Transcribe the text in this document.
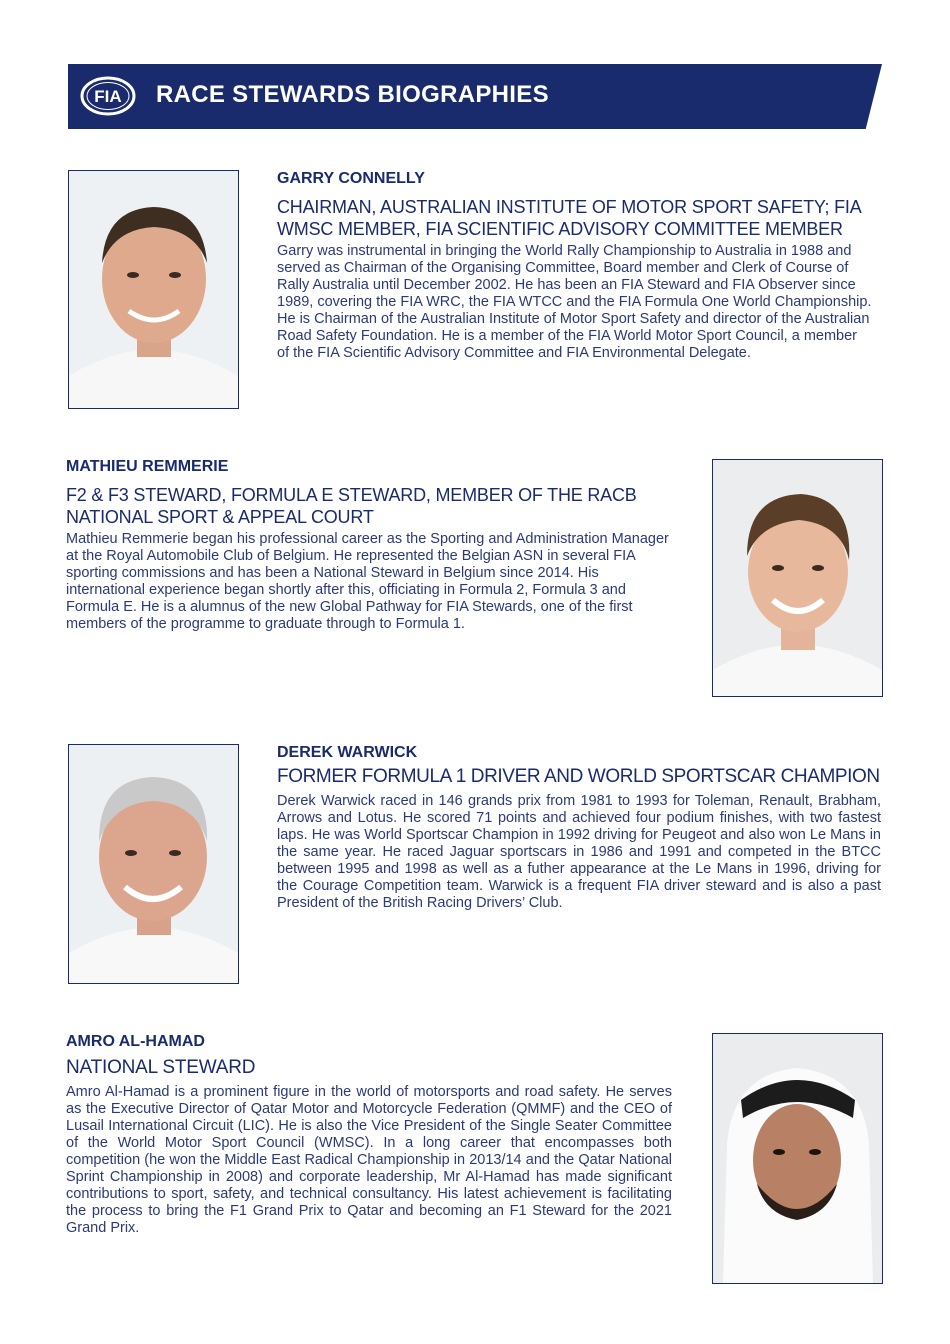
FIA RACE STEWARDS BIOGRAPHIES

GARRY CONNELLY

CHAIRMAN, AUSTRALIAN INSTITUTE OF MOTOR SPORT SAFETY; FIA WMSC MEMBER, FIA SCIENTIFIC ADVISORY COMMITTEE MEMBER

Garry was instrumental in bringing the World Rally Championship to Australia in 1988 and served as Chairman of the Organising Committee, Board member and Clerk of Course of Rally Australia until December 2002. He has been an FIA Steward and FIA Observer since 1989, covering the FIA WRC, the FIA WTCC and the FIA Formula One World Championship. He is Chairman of the Australian Institute of Motor Sport Safety and director of the Australian Road Safety Foundation. He is a member of the FIA World Motor Sport Council, a member of the FIA Scientific Advisory Committee and FIA Environmental Delegate.

MATHIEU REMMERIE

F2 & F3 STEWARD, FORMULA E STEWARD, MEMBER OF THE RACB NATIONAL SPORT & APPEAL COURT

Mathieu Remmerie began his professional career as the Sporting and Administration Manager at the Royal Automobile Club of Belgium. He represented the Belgian ASN in several FIA sporting commissions and has been a National Steward in Belgium since 2014. His international experience began shortly after this, officiating in Formula 2, Formula 3 and Formula E. He is a alumnus of the new Global Pathway for FIA Stewards, one of the first members of the programme to graduate through to Formula 1.

DEREK WARWICK

FORMER FORMULA 1 DRIVER AND WORLD SPORTSCAR CHAMPION

Derek Warwick raced in 146 grands prix from 1981 to 1993 for Toleman, Renault, Brabham, Arrows and Lotus. He scored 71 points and achieved four podium finishes, with two fastest laps. He was World Sportscar Champion in 1992 driving for Peugeot and also won Le Mans in the same year. He raced Jaguar sportscars in 1986 and 1991 and competed in the BTCC between 1995 and 1998 as well as a futher appearance at the Le Mans in 1996, driving for the Courage Competition team. Warwick is a frequent FIA driver steward and is also a past President of the British Racing Drivers’ Club.

AMRO AL-HAMAD

NATIONAL STEWARD

Amro Al-Hamad is a prominent figure in the world of motorsports and road safety. He serves as the Executive Director of Qatar Motor and Motorcycle Federation (QMMF) and the CEO of Lusail International Circuit (LIC). He is also the Vice President of the Single Seater Committee of the World Motor Sport Council (WMSC). In a long career that encompasses both competition (he won the Middle East Radical Championship in 2013/14 and the Qatar National Sprint Championship in 2008) and corporate leadership, Mr Al-Hamad has made significant contributions to sport, safety, and technical consultancy. His latest achievement is facilitating the process to bring the F1 Grand Prix to Qatar and becoming an F1 Steward for the 2021 Grand Prix.
